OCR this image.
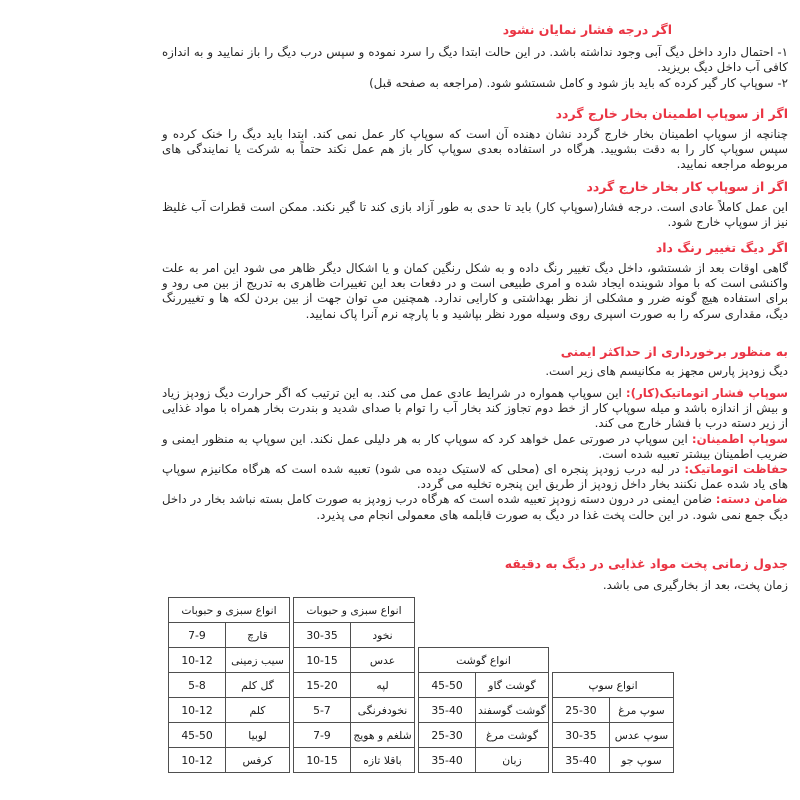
اگر درجه فشار نمایان نشود

۱- احتمال دارد داخل دیگ آبی وجود نداشته باشد. در این حالت ابتدا دیگ را سرد نموده و سپس درب دیگ را باز نمایید و به اندازه کافی آب داخل دیگ بریزید.

۲- سوپاپ کار گیر کرده که باید باز شود و کامل شستشو شود. (مراجعه به صفحه قبل)

اگر از سوپاپ اطمینان بخار خارج گردد

چنانچه از سوپاپ اطمینان بخار خارج گردد نشان دهنده آن است که سوپاپ کار عمل نمی کند. ابتدا باید دیگ را خنک کرده و سپس سوپاپ کار را به دقت بشویید. هرگاه در استفاده بعدی سوپاپ کار باز هم عمل نکند حتماً به شرکت یا نمایندگی های مربوطه مراجعه نمایید.

اگر از سوپاپ کار بخار خارج گردد

این عمل کاملاً عادی است. درجه فشار(سوپاپ کار) باید تا حدی به طور آزاد بازی کند تا گیر نکند. ممکن است قطرات آب غلیظ نیز از سوپاپ خارج شود.

اگر دیگ تغییر رنگ داد

گاهی اوقات بعد از شستشو، داخل دیگ تغییر رنگ داده و به شکل رنگین کمان و یا اشکال دیگر ظاهر می شود این امر به علت واکنشی است که با مواد شوینده ایجاد شده و امری طبیعی است و در دفعات بعد این تغییرات ظاهری به تدریج از بین می رود و برای استفاده هیچ گونه ضرر و مشکلی از نظر بهداشتی و کارایی ندارد. همچنین می توان جهت از بین بردن لکه ها و تغییررنگ دیگ، مقداری سرکه را به صورت اسپری روی وسیله مورد نظر بپاشید و با پارچه نرم آنرا پاک نمایید.

به منظور برخورداری از حداکثر ایمنی

دیگ زودپز پارس مجهز به مکانیسم های زیر است.

سوپاپ فشار اتوماتیک(کار): این سوپاپ همواره در شرایط عادی عمل می کند. به این ترتیب که اگر حرارت دیگ زودپز زیاد و بیش از اندازه باشد و میله سوپاپ کار از خط دوم تجاوز کند بخار آب را توام با صدای شدید و بندرت بخار همراه با مواد غذایی از زیر دسته درب با فشار خارج می کند.

سوپاپ اطمینان: این سوپاپ در صورتی عمل خواهد کرد که سوپاپ کار به هر دلیلی عمل نکند. این سوپاپ به منظور ایمنی و ضریب اطمینان بیشتر تعبیه شده است.

حفاظت اتوماتیک: در لبه درب زودپز پنجره ای (محلی که لاستیک دیده می شود) تعبیه شده است که هرگاه مکانیزم سوپاپ های یاد شده عمل نکنند بخار داخل زودپز از طریق این پنجره تخلیه می گردد.

ضامن دسته: ضامن ایمنی در درون دسته زودپز تعبیه شده است که هرگاه درب زودپز به صورت کامل بسته نباشد بخار در داخل دیگ جمع نمی شود. در این حالت پخت غذا در دیگ به صورت قابلمه های معمولی انجام می پذیرد.

جدول زمانی پخت مواد غذایی در دیگ به دقیقه

زمان پخت، بعد از بخارگیری می باشد.

انواع سبزی و حبوبات	
قارچ	7-9
سیب زمینی	10-12
گل کلم	5-8
کلم	10-12
لوبیا	45-50
کرفس	10-12
انواع سبزی و حبوبات	
نخود	30-35
عدس	10-15
لپه	15-20
نخودفرنگی	5-7
شلغم و هویج	7-9
باقلا تازه	10-15
انواع گوشت	
گوشت گاو	45-50
گوشت گوسفند	35-40
گوشت مرغ	25-30
زبان	35-40
انواع سوپ	
سوپ مرغ	25-30
سوپ عدس	30-35
سوپ جو	35-40
